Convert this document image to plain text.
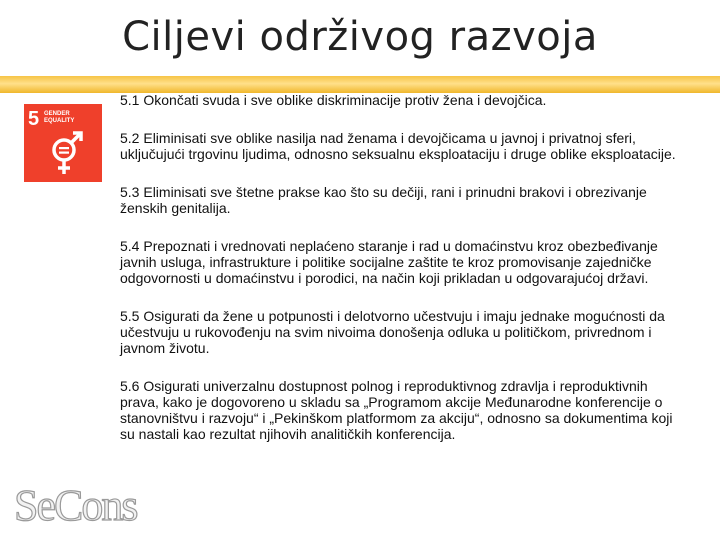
Ciljevi održivog razvoja
5 GENDER
EQUALITY
5.1 Okončati svuda i sve oblike diskriminacije protiv žena i devojčica.
5.2 Eliminisati sve oblike nasilja nad ženama i devojčicama u javnoj i privatnoj sferi, uključujući trgovinu ljudima, odnosno seksualnu eksploataciju i druge oblike eksploatacije.
5.3 Eliminisati sve štetne prakse kao što su dečiji, rani i prinudni brakovi i obrezivanje ženskih genitalija.
5.4 Prepoznati i vrednovati neplaćeno staranje i rad u domaćinstvu kroz obezbeđivanje javnih usluga, infrastrukture i politike socijalne zaštite te kroz promovisanje zajedničke odgovornosti u domaćinstvu i porodici, na način koji prikladan u odgovarajućoj državi.
5.5 Osigurati da žene u potpunosti i delotvorno učestvuju i imaju jednake mogućnosti da učestvuju u rukovođenju na svim nivoima donošenja odluka u političkom, privrednom i javnom životu.
5.6 Osigurati univerzalnu dostupnost polnog i reproduktivnog zdravlja i reproduktivnih prava, kako je dogovoreno u skladu sa „Programom akcije Međunarodne konferencije o stanovništvu i razvoju“ i „Pekinškom platformom za akciju“, odnosno sa dokumentima koji su nastali kao rezultat njihovih analitičkih konferencija.
SeCons
